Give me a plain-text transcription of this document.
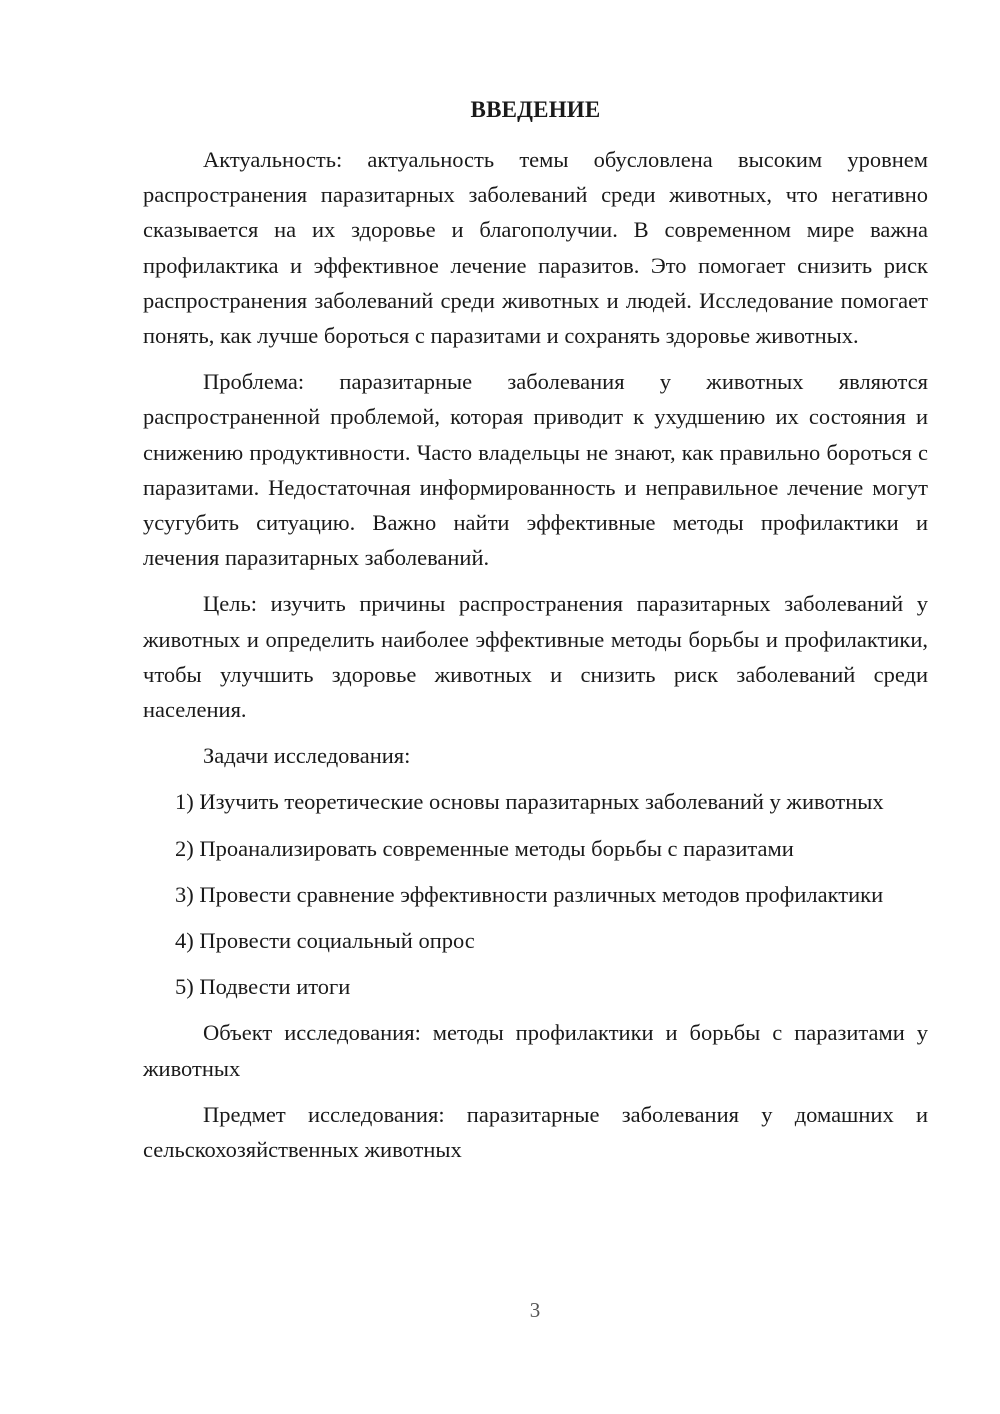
ВВЕДЕНИЕ

Актуальность: актуальность темы обусловлена высоким уровнем распространения паразитарных заболеваний среди животных, что негативно сказывается на их здоровье и благополучии. В современном мире важна профилактика и эффективное лечение паразитов. Это помогает снизить риск распространения заболеваний среди животных и людей. Исследование помогает понять, как лучше бороться с паразитами и сохранять здоровье животных.

Проблема: паразитарные заболевания у животных являются распространенной проблемой, которая приводит к ухудшению их состояния и снижению продуктивности. Часто владельцы не знают, как правильно бороться с паразитами. Недостаточная информированность и неправильное лечение могут усугубить ситуацию. Важно найти эффективные методы профилактики и лечения паразитарных заболеваний.

Цель: изучить причины распространения паразитарных заболеваний у животных и определить наиболее эффективные методы борьбы и профилактики, чтобы улучшить здоровье животных и снизить риск заболеваний среди населения.

Задачи исследования:

1) Изучить теоретические основы паразитарных заболеваний у животных

2) Проанализировать современные методы борьбы с паразитами

3) Провести сравнение эффективности различных методов профилактики

4) Провести социальный опрос

5) Подвести итоги

Объект исследования: методы профилактики и борьбы с паразитами у животных

Предмет исследования: паразитарные заболевания у домашних и сельскохозяйственных животных

3
